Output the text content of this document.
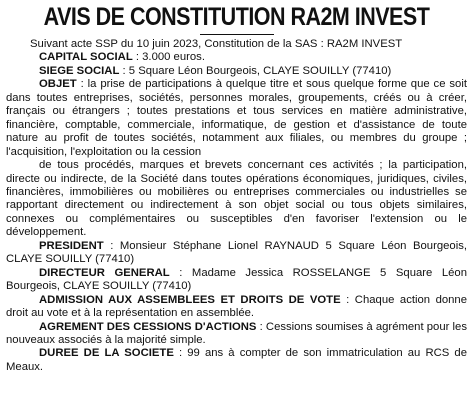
AVIS DE CONSTITUTION RA2M INVEST

Suivant acte SSP du 10 juin 2023, Constitution de la SAS : RA2M INVEST

CAPITAL SOCIAL : 3.000 euros.

SIEGE SOCIAL : 5 Square Léon Bourgeois, CLAYE SOUILLY (77410)

OBJET : la prise de participations à quelque titre et sous quelque forme que ce soit dans toutes entreprises, sociétés, personnes morales, groupements, créés ou à créer, français ou étrangers ; toutes prestations et tous services en matière administrative, financière, comptable, commerciale, informatique, de gestion et d'assistance de toute nature au profit de toutes sociétés, notamment aux filiales, ou membres du groupe ; l'acquisition, l'exploitation ou la cession

de tous procédés, marques et brevets concernant ces activités ; la participation, directe ou indirecte, de la Société dans toutes opérations économiques, juridiques, civiles, financières, immobilières ou mobilières ou entreprises commerciales ou industrielles se rapportant directement ou indirectement à son objet social ou tous objets similaires, connexes ou complémentaires ou susceptibles d'en favoriser l'extension ou le développement.

PRESIDENT : Monsieur Stéphane Lionel RAYNAUD 5 Square Léon Bourgeois, CLAYE SOUILLY (77410)

DIRECTEUR GENERAL : Madame Jessica ROSSELANGE 5 Square Léon Bourgeois, CLAYE SOUILLY (77410)

ADMISSION AUX ASSEMBLEES ET DROITS DE VOTE : Chaque action donne droit au vote et à la représentation en assemblée.

AGREMENT DES CESSIONS D'ACTIONS : Cessions soumises à agrément pour les nouveaux associés à la majorité simple.

DUREE DE LA SOCIETE : 99 ans à compter de son immatriculation au RCS de Meaux.
